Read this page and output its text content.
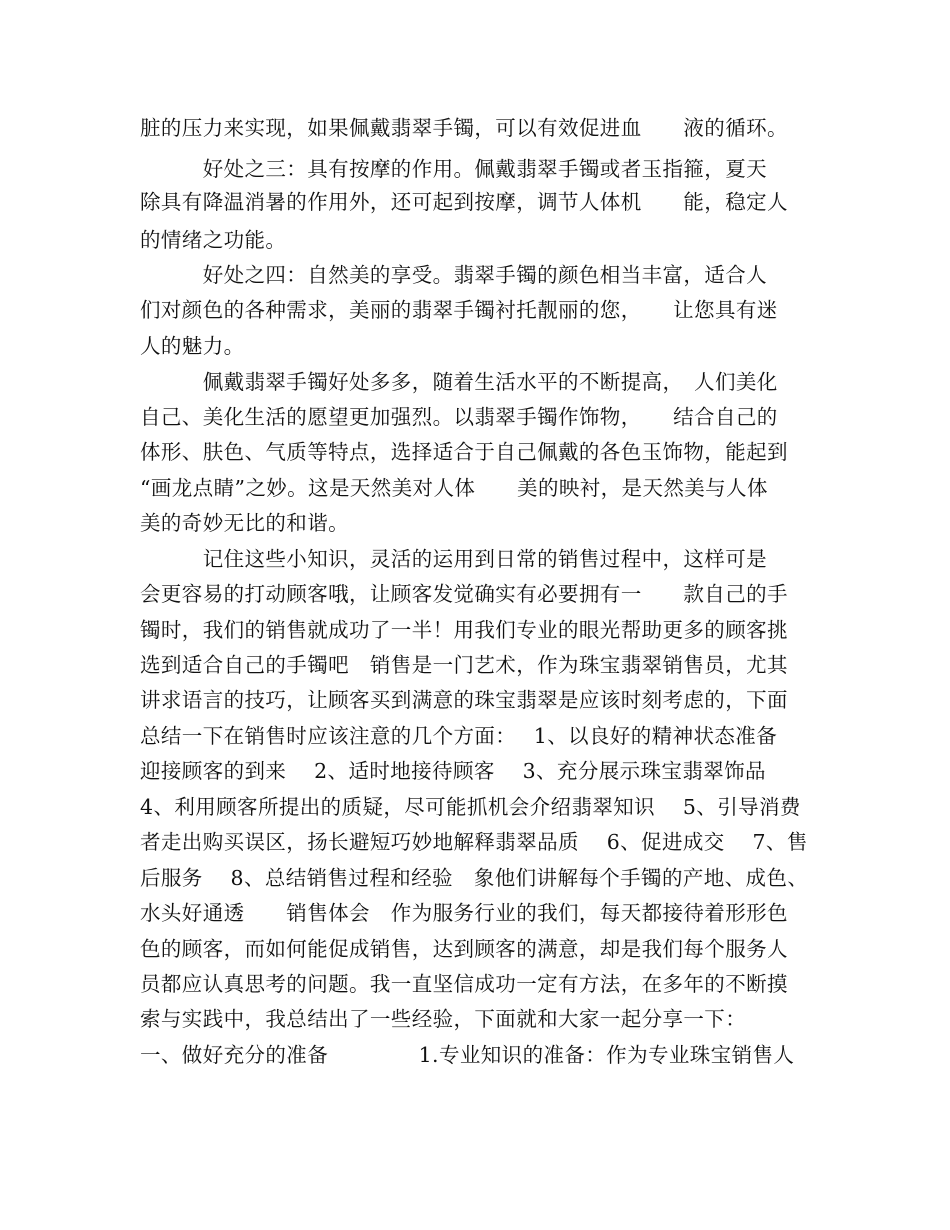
脏的压力来实现，如果佩戴翡翠手镯，可以有效促进血　　液的循环。
　　　好处之三：具有按摩的作用。佩戴翡翠手镯或者玉指箍，夏天
除具有降温消暑的作用外，还可起到按摩，调节人体机　　能，稳定人
的情绪之功能。
　　　好处之四：自然美的享受。翡翠手镯的颜色相当丰富，适合人
们对颜色的各种需求，美丽的翡翠手镯衬托靓丽的您，　　让您具有迷
人的魅力。
　　　佩戴翡翠手镯好处多多，随着生活水平的不断提高，　人们美化
自己、美化生活的愿望更加强烈。以翡翠手镯作饰物，　　结合自己的
体形、肤色、气质等特点，选择适合于自己佩戴的各色玉饰物，能起到
“画龙点睛”之妙。这是天然美对人体　　美的映衬，是天然美与人体
美的奇妙无比的和谐。
　　　记住这些小知识，灵活的运用到日常的销售过程中，这样可是
会更容易的打动顾客哦，让顾客发觉确实有必要拥有一　　款自己的手
镯时，我们的销售就成功了一半！用我们专业的眼光帮助更多的顾客挑
选到适合自己的手镯吧　销售是一门艺术，作为珠宝翡翠销售员，尤其
讲求语言的技巧，让顾客买到满意的珠宝翡翠是应该时刻考虑的，下面
总结一下在销售时应该注意的几个方面：　 1、以良好的精神状态准备
迎接顾客的到来　 2、适时地接待顾客　 3、充分展示珠宝翡翠饰品
4、利用顾客所提出的质疑，尽可能抓机会介绍翡翠知识　 5、引导消费
者走出购买误区，扬长避短巧妙地解释翡翠品质　 6、促进成交　 7、售
后服务　 8、总结销售过程和经验　象他们讲解每个手镯的产地、成色、
水头好通透　　销售体会　作为服务行业的我们，每天都接待着形形色
色的顾客，而如何能促成销售，达到顾客的满意，却是我们每个服务人
员都应认真思考的问题。我一直坚信成功一定有方法，在多年的不断摸
索与实践中，我总结出了一些经验，下面就和大家一起分享一下：
一、做好充分的准备　　　　 1.专业知识的准备：作为专业珠宝销售人
